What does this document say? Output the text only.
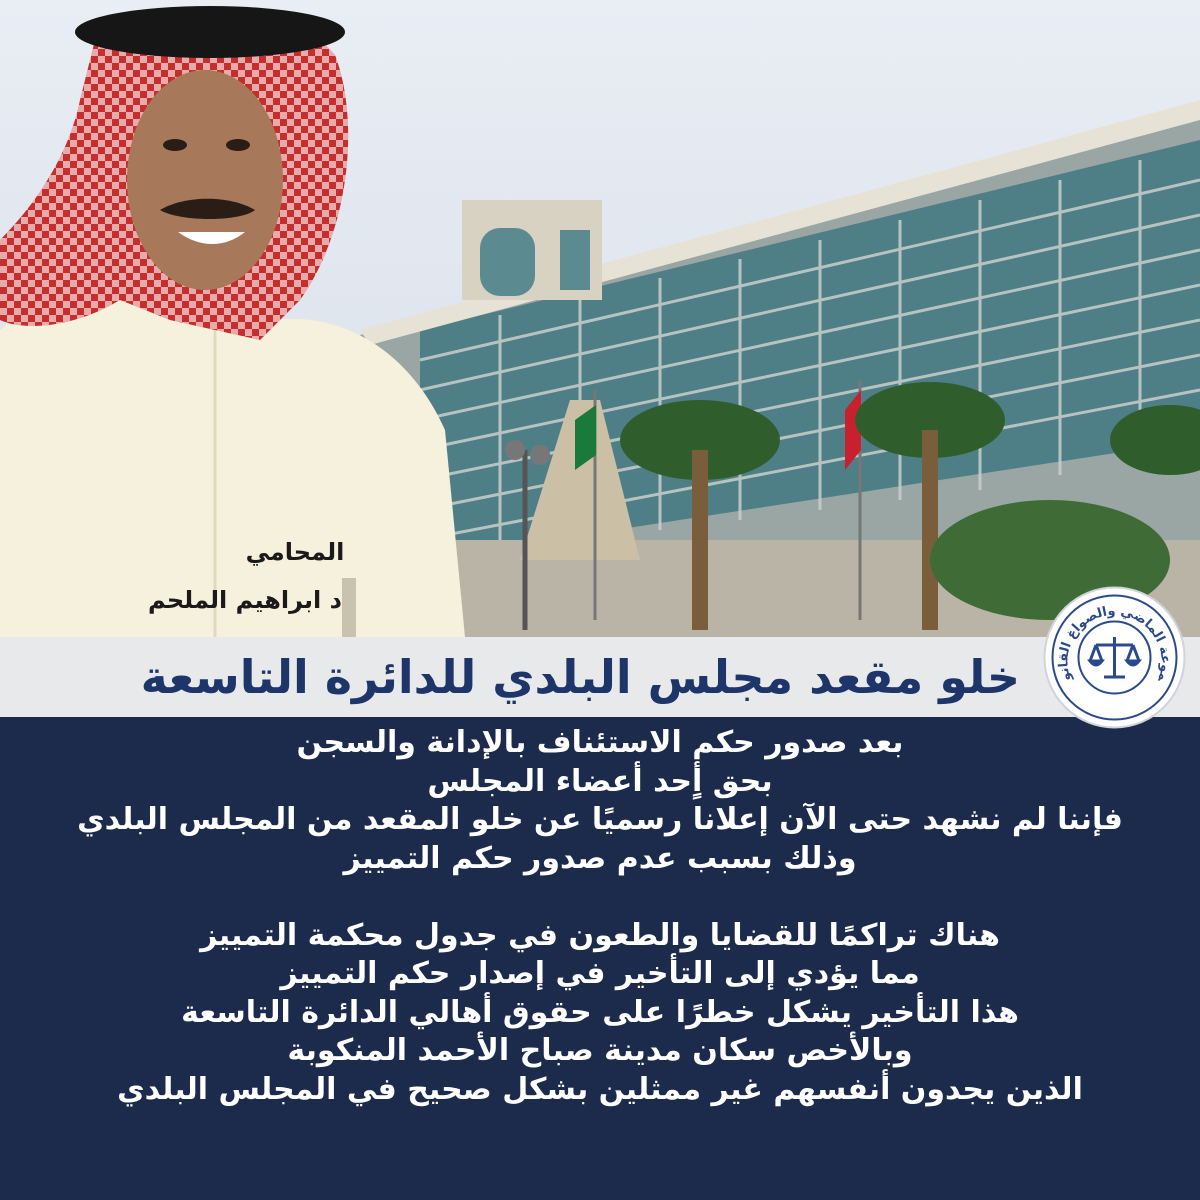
المحامي
د ابراهيم الملحم
خلو مقعد مجلس البلدي للدائرة التاسعة	موعة الماضي والصواغ القانو
بعد صدور حكم الاستئناف بالإدانة والسجن
بحق أٍحد أعضاء المجلس
فإننا لم نشهد حتى الآن إعلانا رسميًا عن خلو المقعد من المجلس البلدي
وذلك بسبب عدم صدور حكم التمييز
هناك تراكمًا للقضايا والطعون في جدول محكمة التمييز
مما يؤدي إلى التأخير في إصدار حكم التمييز
هذا التأخير يشكل خطرًا على حقوق أهالي الدائرة التاسعة
وبالأخص سكان مدينة صباح الأحمد المنكوبة
الذين يجدون أنفسهم غير ممثلين بشكل صحيح في المجلس البلدي
